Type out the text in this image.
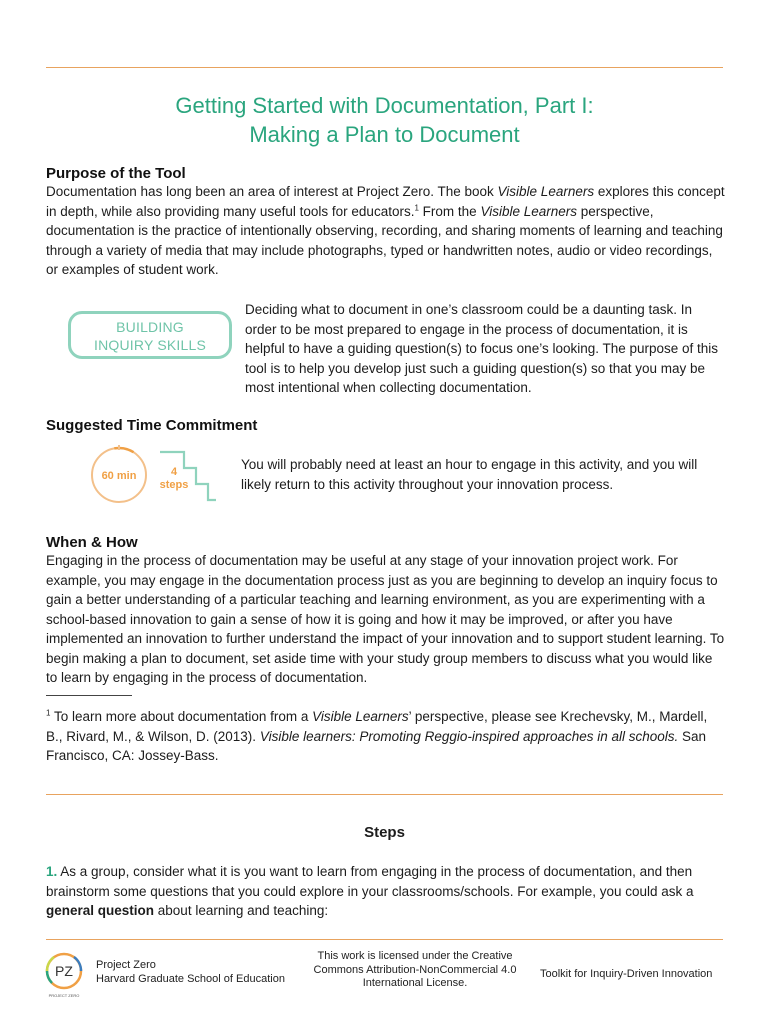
Getting Started with Documentation, Part I:
Making a Plan to Document
Purpose of the Tool

Documentation has long been an area of interest at Project Zero. The book Visible Learners explores this concept in depth, while also providing many useful tools for educators.$^1$ From the Visible Learners perspective, documentation is the practice of intentionally observing, recording, and sharing moments of learning and teaching through a variety of media that may include photographs, typed or handwritten notes, audio or video recordings, or examples of student work.

BUILDING
INQUIRY SKILLS

Deciding what to document in one’s classroom could be a daunting task. In order to be most prepared to engage in the process of documentation, it is helpful to have a guiding question(s) to focus one’s looking. The purpose of this tool is to help you develop just such a guiding question(s) so that you may be most intentional when collecting documentation.

Suggested Time Commitment
60 min	4
steps

You will probably need at least an hour to engage in this activity, and you will likely return to this activity throughout your innovation process.

When & How

Engaging in the process of documentation may be useful at any stage of your innovation project work. For example, you may engage in the documentation process just as you are beginning to develop an inquiry focus to gain a better understanding of a particular teaching and learning environment, as you are experimenting with a school-based innovation to gain a sense of how it is going and how it may be improved, or after you have implemented an innovation to further understand the impact of your innovation and to support student learning. To begin making a plan to document, set aside time with your study group members to discuss what you would like to learn by engaging in the process of documentation.

$^1$ To learn more about documentation from a Visible Learners’ perspective, please see Krechevsky, M., Mardell, B., Rivard, M., & Wilson, D. (2013). Visible learners: Promoting Reggio-inspired approaches in all schools. San Francisco, CA: Jossey-Bass.

Steps

1. As a group, consider what it is you want to learn from engaging in the process of documentation, and then brainstorm some questions that you could explore in your classrooms/schools. For example, you could ask a general question about learning and teaching:

PZ
PROJECT ZERO
Project Zero
Harvard Graduate School of Education
This work is licensed under the Creative
Commons Attribution-NonCommercial 4.0
International License.
Toolkit for Inquiry-Driven Innovation
